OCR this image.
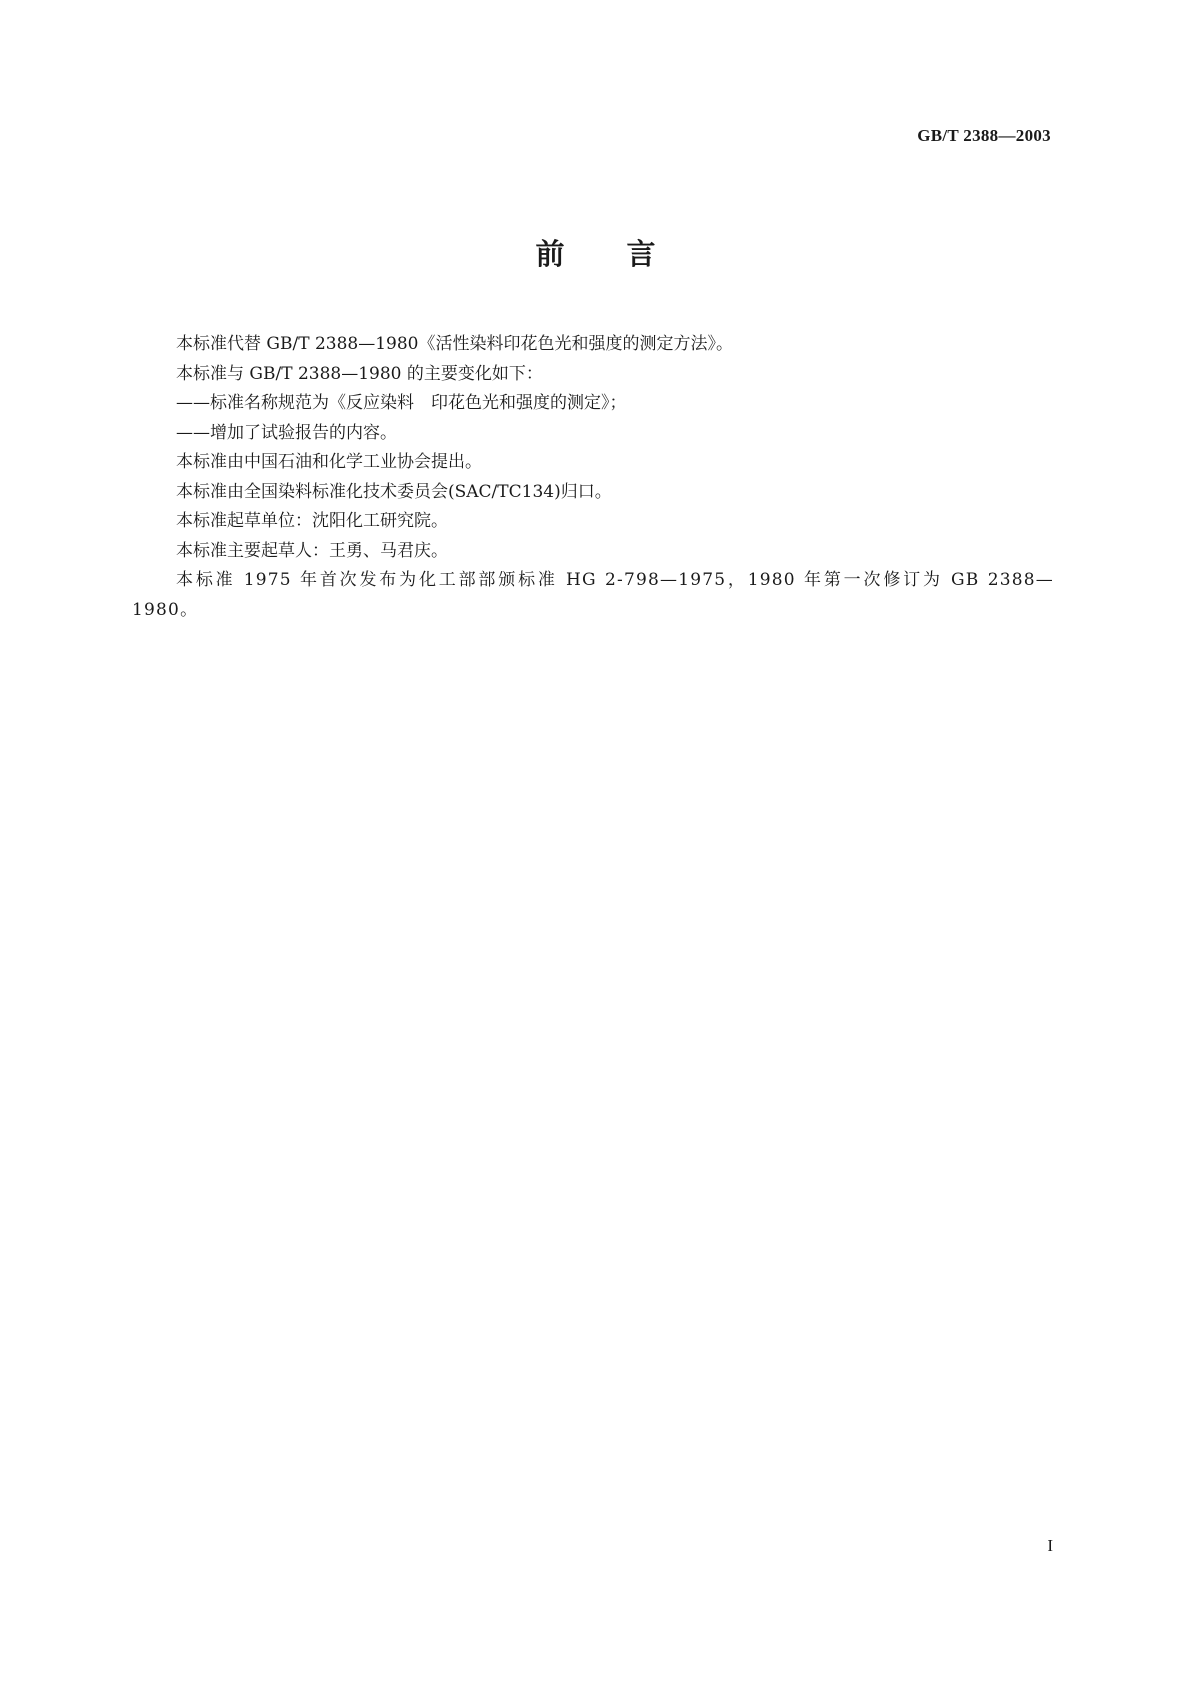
GB/T 2388—2003
前言

本标准代替 GB/T 2388—1980《活性染料印花色光和强度的测定方法》。

本标准与 GB/T 2388—1980 的主要变化如下：

——标准名称规范为《反应染料　印花色光和强度的测定》；

——增加了试验报告的内容。

本标准由中国石油和化学工业协会提出。

本标准由全国染料标准化技术委员会(SAC/TC134)归口。

本标准起草单位：沈阳化工研究院。

本标准主要起草人：王勇、马君庆。

本标准 1975 年首次发布为化工部部颁标准 HG 2-798—1975，1980 年第一次修订为 GB 2388—1980。

I
